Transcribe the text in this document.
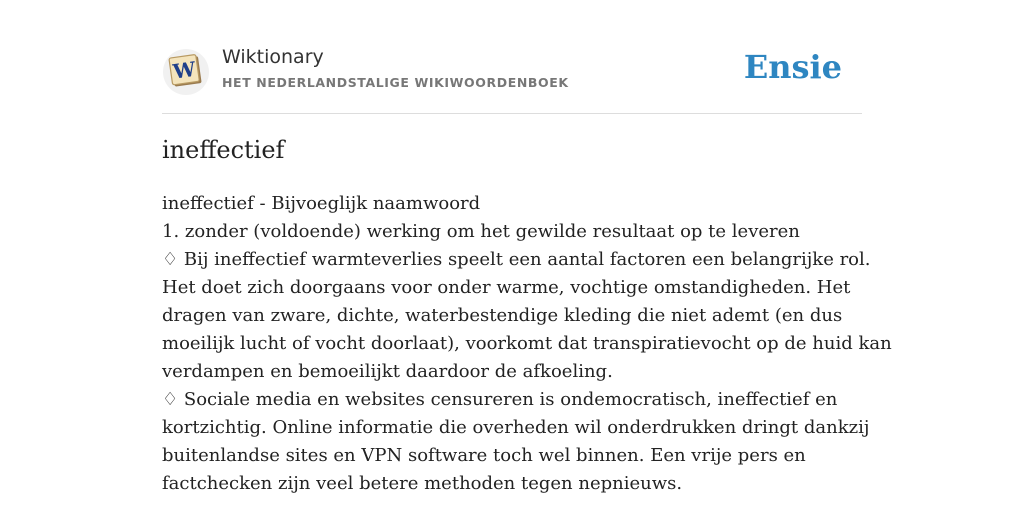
W Wiktionary
HET NEDERLANDSTALIGE WIKIWOORDENBOEK	Ensie
ineffectief
ineffectief - Bijvoeglijk naamwoord
1. zonder (voldoende) werking om het gewilde resultaat op te leveren
♢ Bij ineffectief warmteverlies speelt een aantal factoren een belangrijke rol.
Het doet zich doorgaans voor onder warme, vochtige omstandigheden. Het
dragen van zware, dichte, waterbestendige kleding die niet ademt (en dus
moeilijk lucht of vocht doorlaat), voorkomt dat transpiratievocht op de huid kan
verdampen en bemoeilijkt daardoor de afkoeling.
♢ Sociale media en websites censureren is ondemocratisch, ineffectief en
kortzichtig. Online informatie die overheden wil onderdrukken dringt dankzij
buitenlandse sites en VPN software toch wel binnen. Een vrije pers en
factchecken zijn veel betere methoden tegen nepnieuws.
